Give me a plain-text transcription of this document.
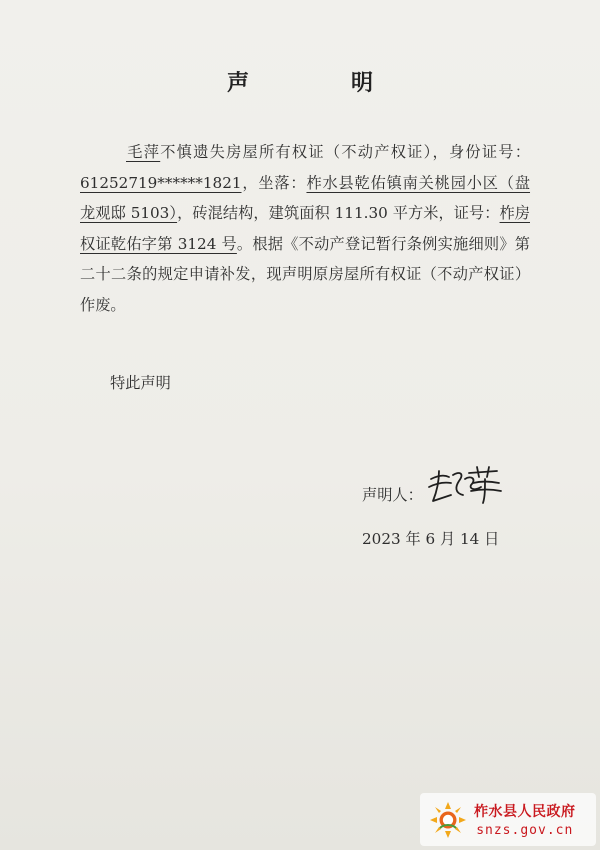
声　明
毛萍不慎遗失房屋所有权证（不动产权证），身份证号：61252719******1821，坐落：柞水县乾佑镇南关桃园小区（盘龙观邸 5103），砖混结构，建筑面积 111.30 平方米，证号：柞房权证乾佑字第 3124 号。根据《不动产登记暂行条例实施细则》第二十二条的规定申请补发，现声明原房屋所有权证（不动产权证）作废。
特此声明
声明人：
2023 年 6 月 14 日
柞水县人民政府
snzs.gov.cn
